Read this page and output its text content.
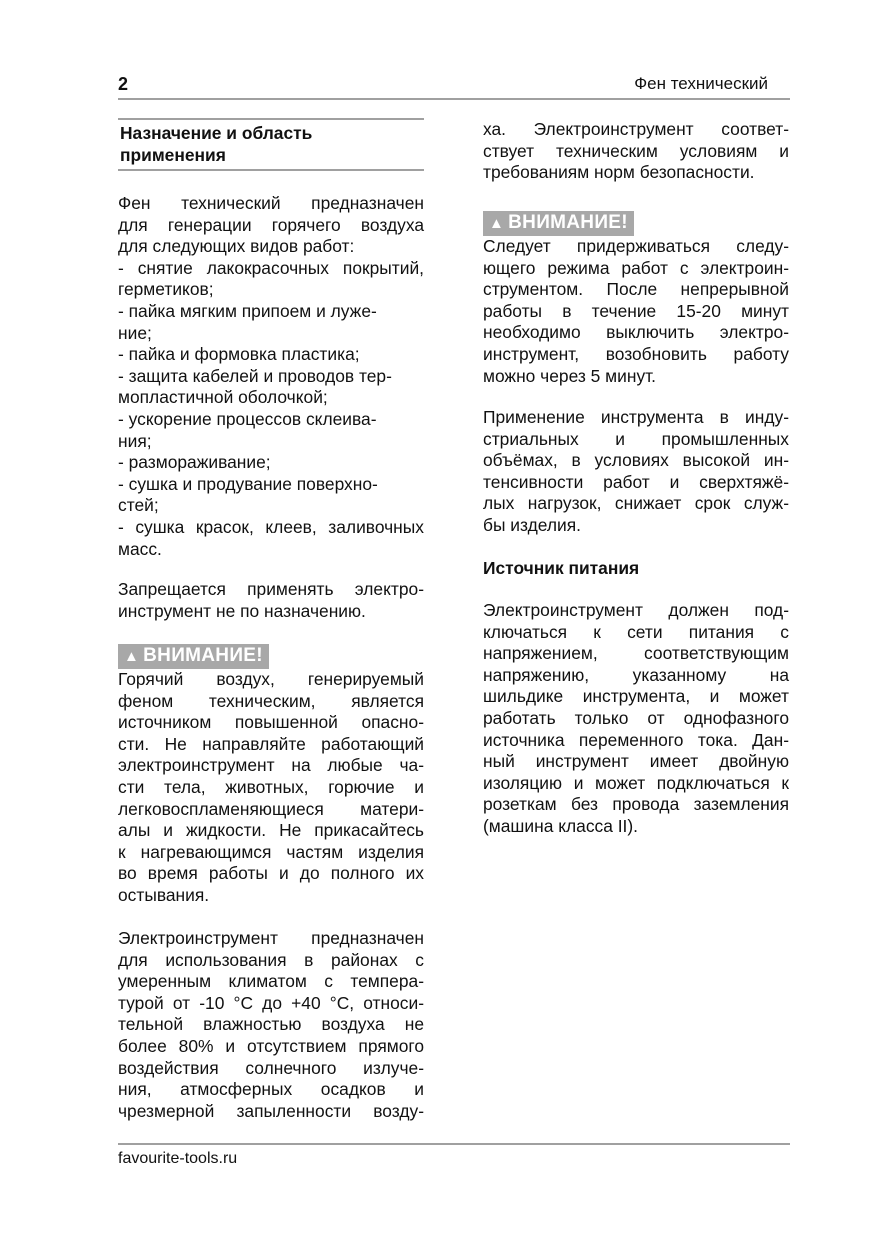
2	Фен технический
Назначение и область
применения
Фен технический предназначен
для генерации горячего воздуха
для следующих видов работ:
- снятие лакокрасочных покрытий,
герметиков;
- пайка мягким припоем и луже-
ние;
- пайка и формовка пластика;
- защита кабелей и проводов тер-
мопластичной оболочкой;
- ускорение процессов склеива-
ния;
- размораживание;
- сушка и продувание поверхно-
стей;
- сушка красок, клеев, заливочных
масс.
Запрещается применять электро-
инструмент не по назначению.
▲ ВНИМАНИЕ!
Горячий воздух, генерируемый
феном техническим, является
источником повышенной опасно-
сти. Не направляйте работающий
электроинструмент на любые ча-
сти тела, животных, горючие и
легковоспламеняющиеся матери-
алы и жидкости. Не прикасайтесь
к нагревающимся частям изделия
во время работы и до полного их
остывания.
Электроинструмент предназначен
для использования в районах с
умеренным климатом с темпера-
турой от -10 °C до +40 °C, относи-
тельной влажностью воздуха не
более 80% и отсутствием прямого
воздействия солнечного излуче-
ния, атмосферных осадков и
чрезмерной запыленности возду-
ха. Электроинструмент соответ-
ствует техническим условиям и
требованиям норм безопасности.
▲ ВНИМАНИЕ!
Следует придерживаться следу-
ющего режима работ с электроин-
струментом. После непрерывной
работы в течение 15-20 минут
необходимо выключить электро-
инструмент, возобновить работу
можно через 5 минут.
Применение инструмента в инду-
стриальных и промышленных
объёмах, в условиях высокой ин-
тенсивности работ и сверхтяжё-
лых нагрузок, снижает срок служ-
бы изделия.
Источник питания
Электроинструмент должен под-
ключаться к сети питания с
напряжением, соответствующим
напряжению, указанному на
шильдике инструмента, и может
работать только от однофазного
источника переменного тока. Дан-
ный инструмент имеет двойную
изоляцию и может подключаться к
розеткам без провода заземления
(машина класса II).
favourite-tools.ru
